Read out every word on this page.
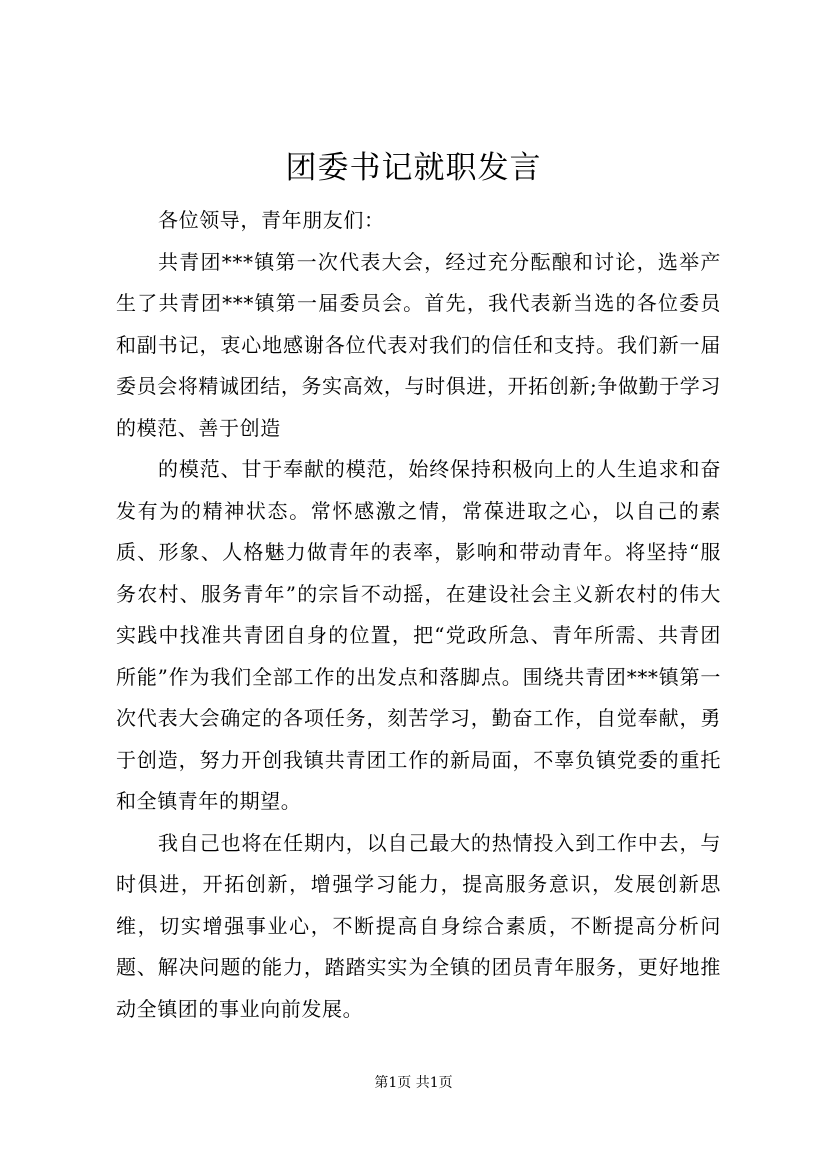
团委书记就职发言

各位领导，青年朋友们：

共青团***镇第一次代表大会，经过充分酝酿和讨论，选举产生了共青团***镇第一届委员会。首先，我代表新当选的各位委员和副书记，衷心地感谢各位代表对我们的信任和支持。我们新一届委员会将精诚团结，务实高效，与时俱进，开拓创新;争做勤于学习的模范、善于创造

的模范、甘于奉献的模范，始终保持积极向上的人生追求和奋发有为的精神状态。常怀感激之情，常葆进取之心，以自己的素质、形象、人格魅力做青年的表率，影响和带动青年。将坚持“服务农村、服务青年”的宗旨不动摇，在建设社会主义新农村的伟大实践中找准共青团自身的位置，把“党政所急、青年所需、共青团所能”作为我们全部工作的出发点和落脚点。围绕共青团***镇第一次代表大会确定的各项任务，刻苦学习，勤奋工作，自觉奉献，勇于创造，努力开创我镇共青团工作的新局面，不辜负镇党委的重托和全镇青年的期望。

我自己也将在任期内，以自己最大的热情投入到工作中去，与时俱进，开拓创新，增强学习能力，提高服务意识，发展创新思维，切实增强事业心，不断提高自身综合素质，不断提高分析问题、解决问题的能力，踏踏实实为全镇的团员青年服务，更好地推动全镇团的事业向前发展。

第1页 共1页
